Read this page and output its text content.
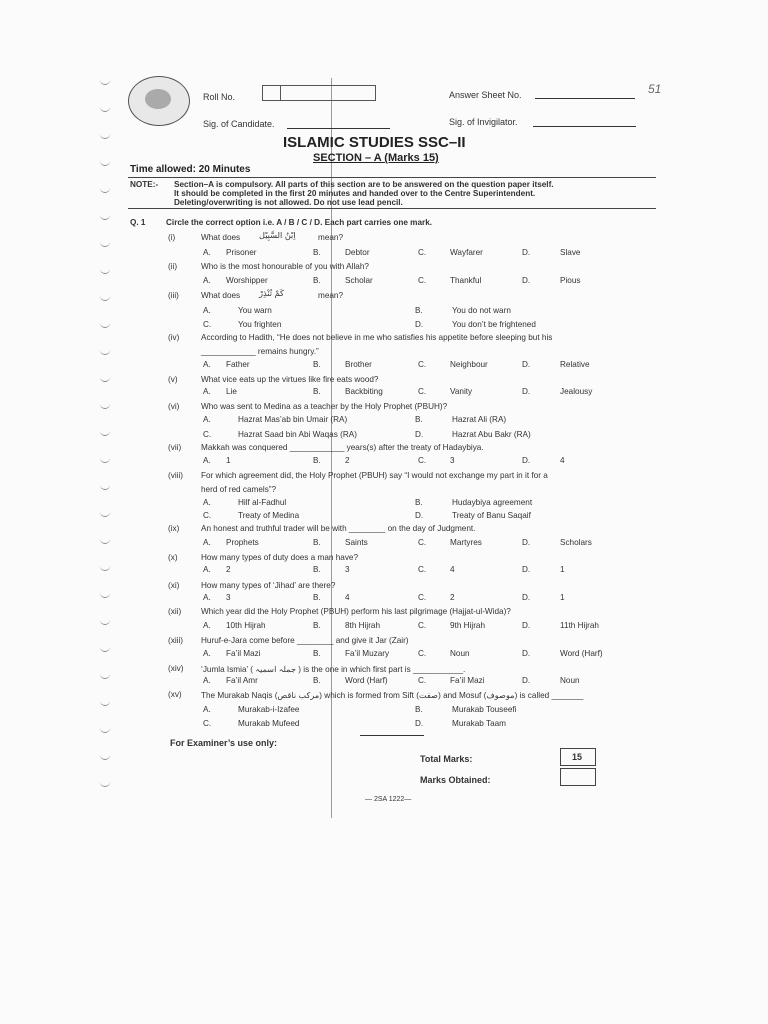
Roll No.	Answer Sheet No.	51
Sig. of Candidate.	Sig. of Invigilator.
ISLAMIC STUDIES SSC–II
SECTION – A (Marks 15)
Time allowed: 20 Minutes
NOTE:- Section–A is compulsory. All parts of this section are to be answered on the question paper itself.
It should be completed in the first 20 minutes and handed over to the Centre Superintendent.
Deleting/overwriting is not allowed. Do not use lead pencil.
Q. 1	Circle the correct option i.e. A / B / C / D. Each part carries one mark.
(i)	What does اِبْنُ السَّبِيْل	mean?
A. Prisoner	B.	Debtor	C.	Wayfarer	D.	Slave
(ii)	Who is the most honourable of you with Allah?
A. Worshipper	B.	Scholar	C.	Thankful	D.	Pious
(iii)	What does كَمْ تُنْذِرْ	mean?
A.	You warn	B.	You do not warn
C.	You frighten	D.	You don’t be frightened
(iv)	According to Hadith, “He does not believe in me who satisfies his appetite before sleeping but his
____________ remains hungry.”
A. Father	B.	Brother	C.	Neighbour	D.	Relative
(v)	What vice eats up the virtues like fire eats wood?
A. Lie	B.	Backbiting	C.	Vanity	D.	Jealousy
(vi)	Who was sent to Medina as a teacher by the Holy Prophet (PBUH)?
A.	Hazrat Mas’ab bin Umair (RA)	B.	Hazrat Ali (RA)
C.	Hazrat Saad bin Abi Waqas (RA)	D.	Hazrat Abu Bakr (RA)
(vii) Makkah was conquered ____________ years(s) after the treaty of Hadaybiya.
A. 1	B.	2	C.	3	D.	4
(viii) For which agreement did, the Holy Prophet (PBUH) say “I would not exchange my part in it for a
herd of red camels”?
A.	Hilf al-Fadhul	B.	Hudaybiya agreement
C.	Treaty of Medina	D.	Treaty of Banu Saqaif
(ix)	An honest and truthful trader will be with ________ on the day of Judgment.
A. Prophets	B.	Saints	C.	Martyres	D.	Scholars
(x)	How many types of duty does a man have?
A. 2	B.	3	C.	4	D.	1
(xi)	How many types of ‘Jihad’ are there?
A. 3	B.	4	C.	2	D.	1
(xii) Which year did the Holy Prophet (PBUH) perform his last pilgrimage (Hajjat-ul-Wida)?
A. 10th Hijrah	B.	8th Hijrah	C.	9th Hijrah	D.	11th Hijrah
(xiii) Huruf-e-Jara come before ________ and give it Jar (Zair)
A. Fa’il Mazi	B.	Fa’il Muzary	C.	Noun	D.	Word (Harf)
(xiv) ‘Jumla Ismia’ ( جملہ اسمیہ ) is the one in which first part is ___________.
A. Fa’il Amr	B.	Word (Harf)	C.	Fa’il Mazi	D.	Noun
(xv) The Murakab Naqis (مرکب ناقص) which is formed from Sift (صفت) and Mosuf (موصوف) is called _______
A.	Murakab-i-Izafee	B.	Murakab Touseefi
C.	Murakab Mufeed	D.	Murakab Taam
For Examiner’s use only:
Total Marks:	15
Marks Obtained:
— 2SA 1222—
